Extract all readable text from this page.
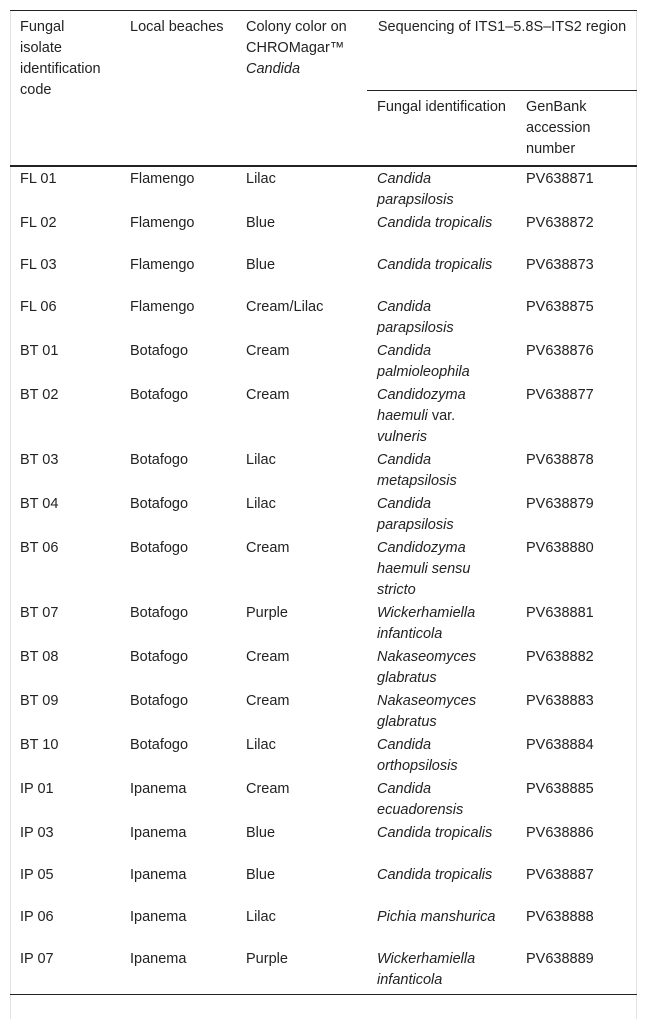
Fungal isolate identification code	Local beaches	Colony color on CHROMagar™ Candida	Sequencing of ITS1–5.8S–ITS2 region	
			Fungal identification	GenBank accession number
FL 01	Flamengo	Lilac	Candida parapsilosis	PV638871
FL 02	Flamengo	Blue	Candida tropicalis	PV638872
FL 03	Flamengo	Blue	Candida tropicalis	PV638873
FL 06	Flamengo	Cream/Lilac	Candida parapsilosis	PV638875
BT 01	Botafogo	Cream	Candida palmioleophila	PV638876
BT 02	Botafogo	Cream	Candidozyma haemuli var. vulneris	PV638877
BT 03	Botafogo	Lilac	Candida metapsilosis	PV638878
BT 04	Botafogo	Lilac	Candida parapsilosis	PV638879
BT 06	Botafogo	Cream	Candidozyma haemuli sensu stricto	PV638880
BT 07	Botafogo	Purple	Wickerhamiella infanticola	PV638881
BT 08	Botafogo	Cream	Nakaseomyces glabratus	PV638882
BT 09	Botafogo	Cream	Nakaseomyces glabratus	PV638883
BT 10	Botafogo	Lilac	Candida orthopsilosis	PV638884
IP 01	Ipanema	Cream	Candida ecuadorensis	PV638885
IP 03	Ipanema	Blue	Candida tropicalis	PV638886
IP 05	Ipanema	Blue	Candida tropicalis	PV638887
IP 06	Ipanema	Lilac	Pichia manshurica	PV638888
IP 07	Ipanema	Purple	Wickerhamiella infanticola	PV638889
